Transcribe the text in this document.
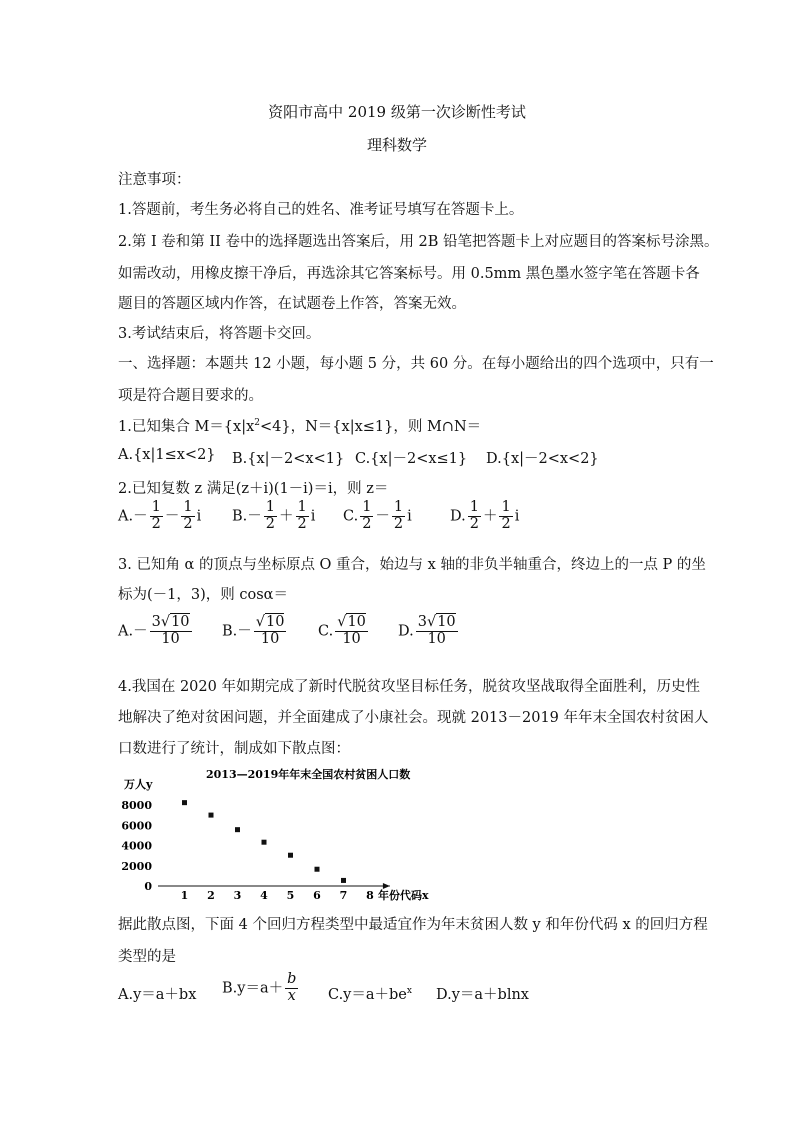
资阳市高中 2019 级第一次诊断性考试
理科数学
注意事项：
1.答题前，考生务必将自己的姓名、准考证号填写在答题卡上。
2.第 I 卷和第 II 卷中的选择题选出答案后，用 2B 铅笔把答题卡上对应题目的答案标号涂黑。
如需改动，用橡皮擦干净后，再选涂其它答案标号。用 0.5mm 黑色墨水签字笔在答题卡各
题目的答题区域内作答，在试题卷上作答，答案无效。
3.考试结束后，将答题卡交回。
一、选择题：本题共 12 小题，每小题 5 分，共 60 分。在每小题给出的四个选项中，只有一
项是符合题目要求的。
1.已知集合 $M=\{x|x^2<4\}$，N＝{x|x≤1}，则 M∩N＝
A.{x|1≤x<2} B.{x|－2<x<1} C.{x|－2<x≤1} D.{x|－2<x<2}
2.已知复数 z 满足(z＋i)(1－i)＝i，则 z＝
$A.- \frac{1}{2} - \frac{1}{2}$ i $B.- \frac{1}{2} + \frac{1}{2}$ i C. $\frac{1}{2} - \frac{1}{2}$ i	D. $\frac{1}{2} + \frac{1}{2}$ i
3. 已知角 α 的顶点与坐标原点 O 重合，始边与 x 轴的非负半轴重合，终边上的一点 P 的坐
标为(－1，3)，则 cosα＝
$A.- \frac{3√10}{10} B.- \frac{√10}{10} C$. $\frac{√10}{10} D$. $\frac{3√10}{10}$
4.我国在 2020 年如期完成了新时代脱贫攻坚目标任务，脱贫攻坚战取得全面胜利，历史性
地解决了绝对贫困问题，并全面建成了小康社会。现就 2013－2019 年年末全国农村贫困人
口数进行了统计，制成如下散点图：
2013—2019年年末全国农村贫困人口数
万人y
0
2000
4000
6000
8000
1 2 3 4 5 6 7 8 年份代码x
据此散点图，下面 4 个回归方程类型中最适宜作为年末贫困人数 y 和年份代码 x 的回归方程
类型的是
A.y＝a＋bx $B.y=a+ \frac{b}{x} C.y=a+be^x$ D.y＝a＋blnx
